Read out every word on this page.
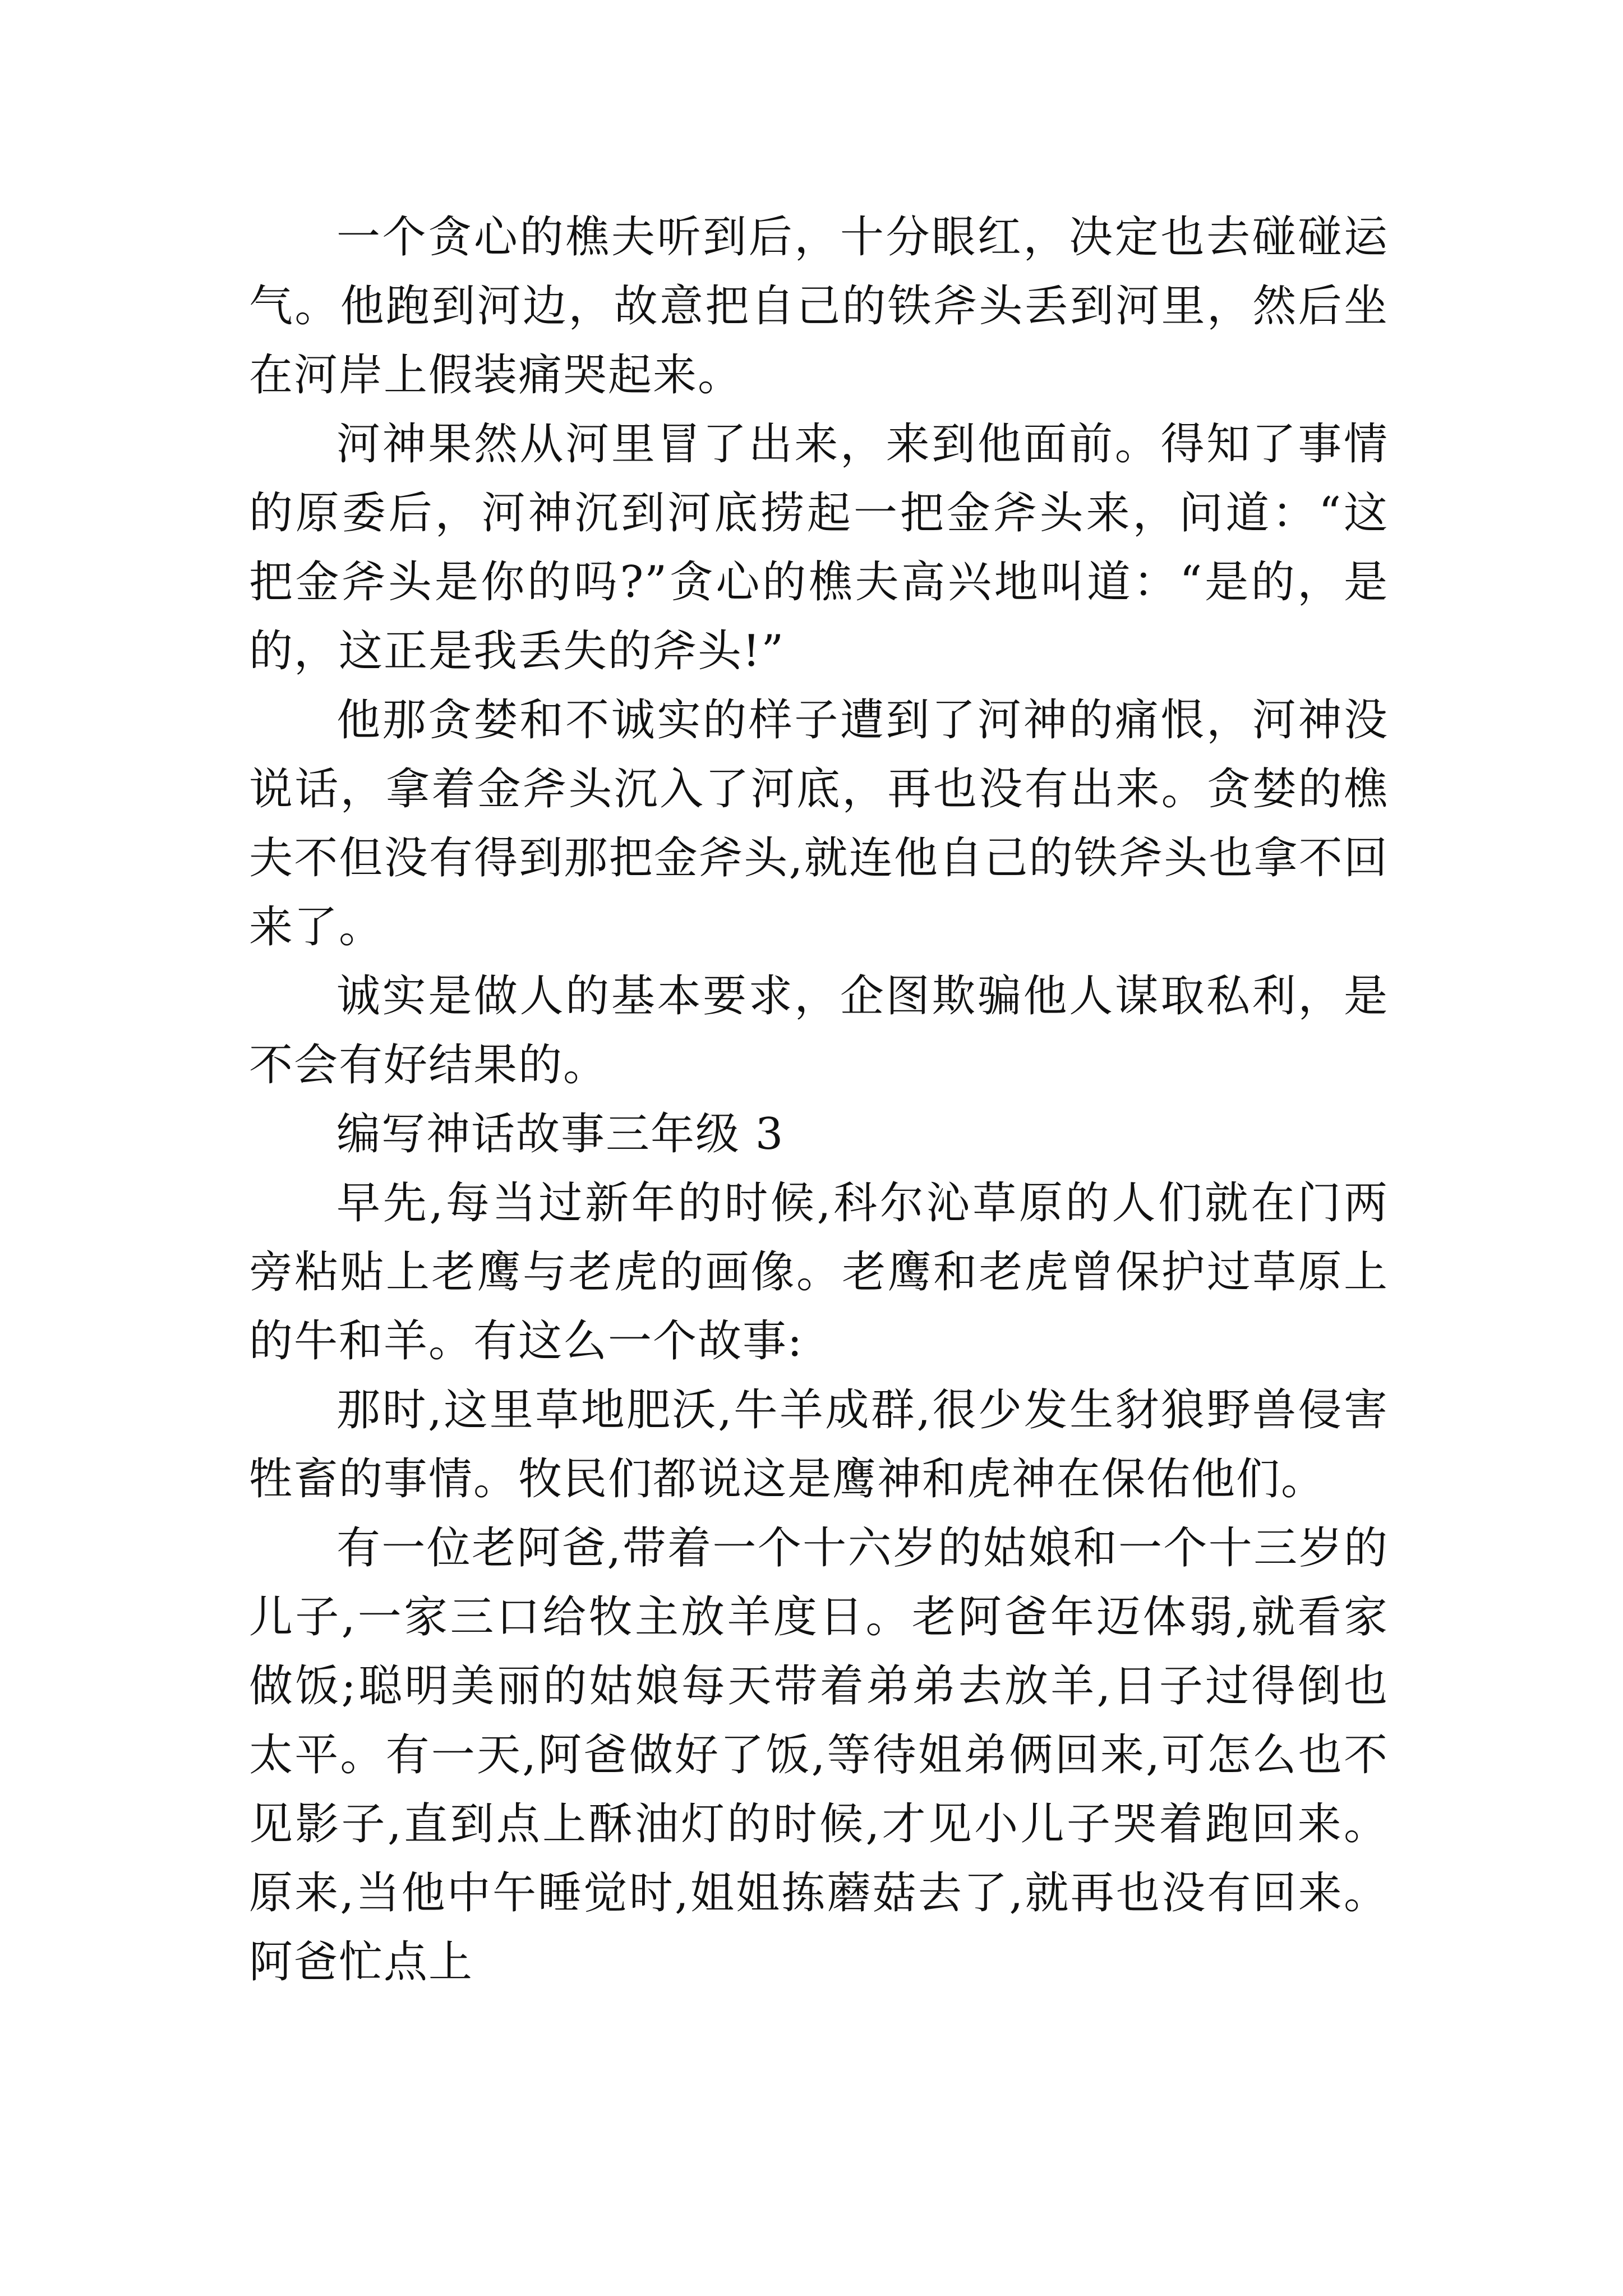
一个贪心的樵夫听到后，十分眼红，决定也去碰碰运气。他跑到河边，故意把自己的铁斧头丢到河里，然后坐在河岸上假装痛哭起来。

河神果然从河里冒了出来，来到他面前。得知了事情的原委后，河神沉到河底捞起一把金斧头来，问道：“这把金斧头是你的吗?”贪心的樵夫高兴地叫道：“是的，是的，这正是我丢失的斧头!”

他那贪婪和不诚实的样子遭到了河神的痛恨，河神没说话，拿着金斧头沉入了河底，再也没有出来。贪婪的樵夫不但没有得到那把金斧头,就连他自己的铁斧头也拿不回来了。

诚实是做人的基本要求，企图欺骗他人谋取私利，是不会有好结果的。

编写神话故事三年级 3

早先,每当过新年的时候,科尔沁草原的人们就在门两旁粘贴上老鹰与老虎的画像。老鹰和老虎曾保护过草原上的牛和羊。有这么一个故事:

那时,这里草地肥沃,牛羊成群,很少发生豺狼野兽侵害牲畜的事情。牧民们都说这是鹰神和虎神在保佑他们。

有一位老阿爸,带着一个十六岁的姑娘和一个十三岁的儿子,一家三口给牧主放羊度日。老阿爸年迈体弱,就看家做饭;聪明美丽的姑娘每天带着弟弟去放羊,日子过得倒也太平。有一天,阿爸做好了饭,等待姐弟俩回来,可怎么也不见影子,直到点上酥油灯的时候,才见小儿子哭着跑回来。原来,当他中午睡觉时,姐姐拣蘑菇去了,就再也没有回来。阿爸忙点上
